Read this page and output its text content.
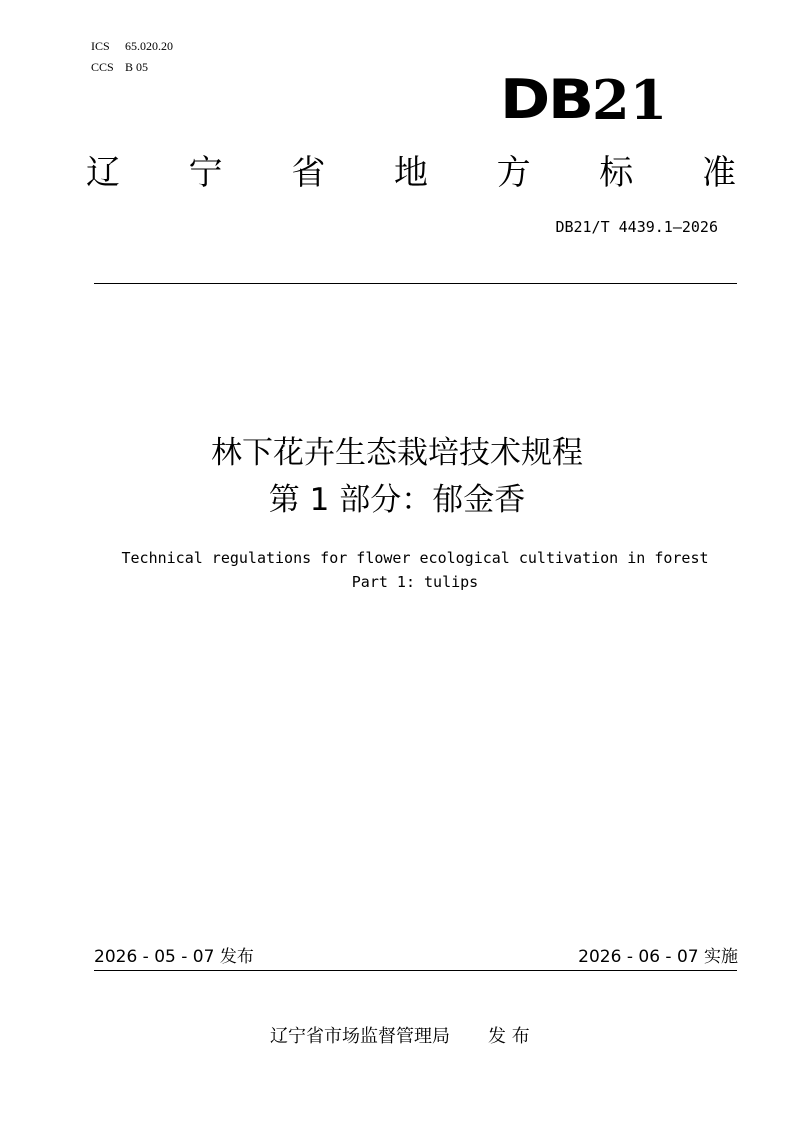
ICS 65.020.20
CCS B 05
DB 21
辽 宁 省 地 方 标 准
DB21/T 4439.1—2026
林下花卉生态栽培技术规程
第 1 部分：郁金香
Technical regulations for flower ecological cultivation in forest
Part 1: tulips
2026 - 05 - 07 发布	2026 - 06 - 07 实施
辽宁省市场监督管理局 发 布
